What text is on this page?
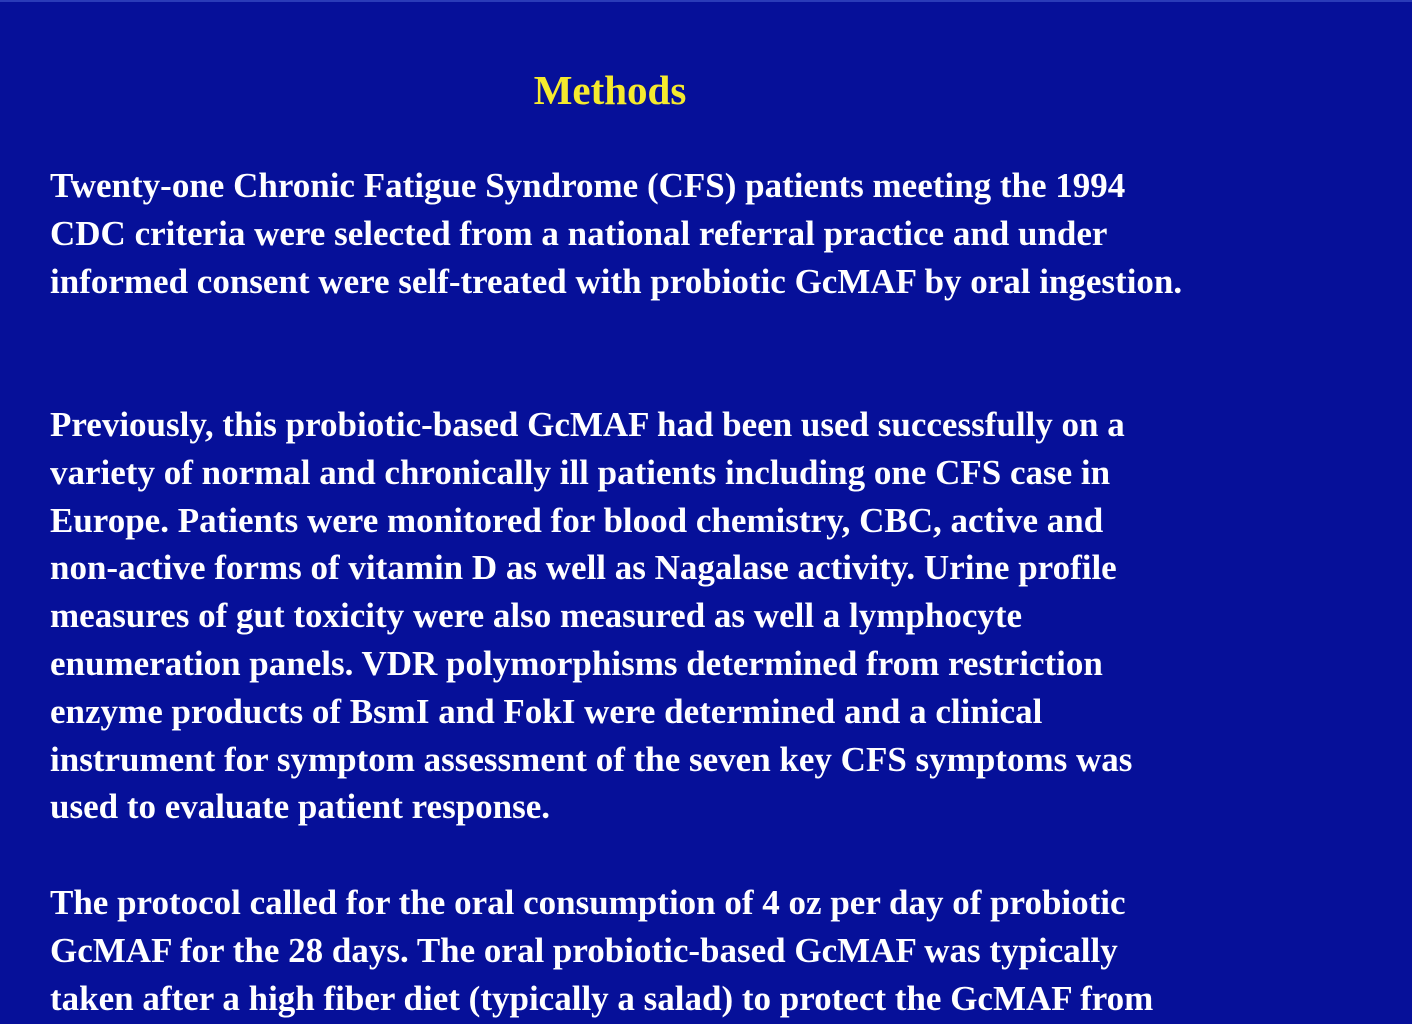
Methods
Twenty-one Chronic Fatigue Syndrome (CFS) patients meeting the 1994
CDC criteria were selected from a national referral practice and under
informed consent were self-treated with probiotic GcMAF by oral ingestion.
Previously, this probiotic-based GcMAF had been used successfully on a
variety of normal and chronically ill patients including one CFS case in
Europe. Patients were monitored for blood chemistry, CBC, active and
non-active forms of vitamin D as well as Nagalase activity. Urine profile
measures of gut toxicity were also measured as well a lymphocyte
enumeration panels. VDR polymorphisms determined from restriction
enzyme products of BsmI and FokI were determined and a clinical
instrument for symptom assessment of the seven key CFS symptoms was
used to evaluate patient response.
The protocol called for the oral consumption of 4 oz per day of probiotic
GcMAF for the 28 days. The oral probiotic-based GcMAF was typically
taken after a high fiber diet (typically a salad) to protect the GcMAF from
